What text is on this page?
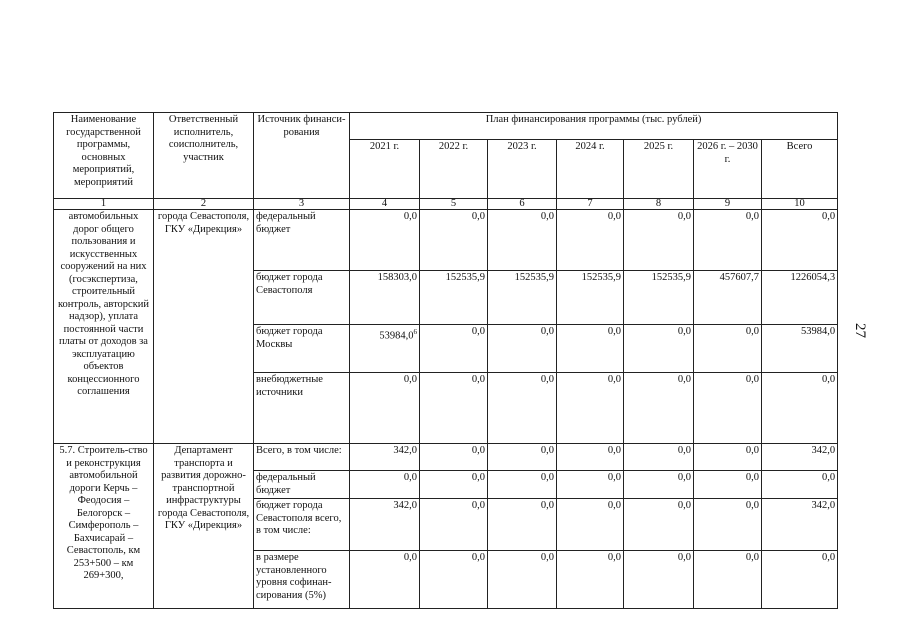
Наименование государственной программы, основных мероприятий, мероприятий	Ответственный исполнитель, соисполнитель, участник	Источник финанси-рования	План финансирования программы (тыс. рублей)						
			2021 г.	2022 г.	2023 г.	2024 г.	2025 г.	2026 г. – 2030 г.	Всего
1	2	3	4	5	6	7	8	9	10
автомобильных дорог общего пользования и искусственных сооружений на них (госэкспертиза, строительный контроль, авторский надзор), уплата постоянной части платы от доходов за эксплуатацию объектов концессионного соглашения	города Севастополя, ГКУ «Дирекция»	федеральный бюджет	0,0	0,0	0,0	0,0	0,0	0,0	0,0
		бюджет города Севастополя	158303,0	152535,9	152535,9	152535,9	152535,9	457607,7	1226054,3
		бюджет города Москвы	53984,0$^6$	0,0	0,0	0,0	0,0	0,0	53984,0
		внебюджетные источники	0,0	0,0	0,0	0,0	0,0	0,0	0,0
5.7. Строитель-ство и реконструкция автомобильной дороги Керчь – Феодосия – Белогорск – Симферополь – Бахчисарай – Севастополь, км 253+500 – км 269+300,	Департамент транспорта и развития дорожно-транспортной инфраструктуры города Севастополя, ГКУ «Дирекция»	Всего, в том числе:	342,0	0,0	0,0	0,0	0,0	0,0	342,0
		федеральный бюджет	0,0	0,0	0,0	0,0	0,0	0,0	0,0
		бюджет города Севастополя всего, в том числе:	342,0	0,0	0,0	0,0	0,0	0,0	342,0
		в размере установленного уровня софинан-сирования (5%)	0,0	0,0	0,0	0,0	0,0	0,0	0,0
27
